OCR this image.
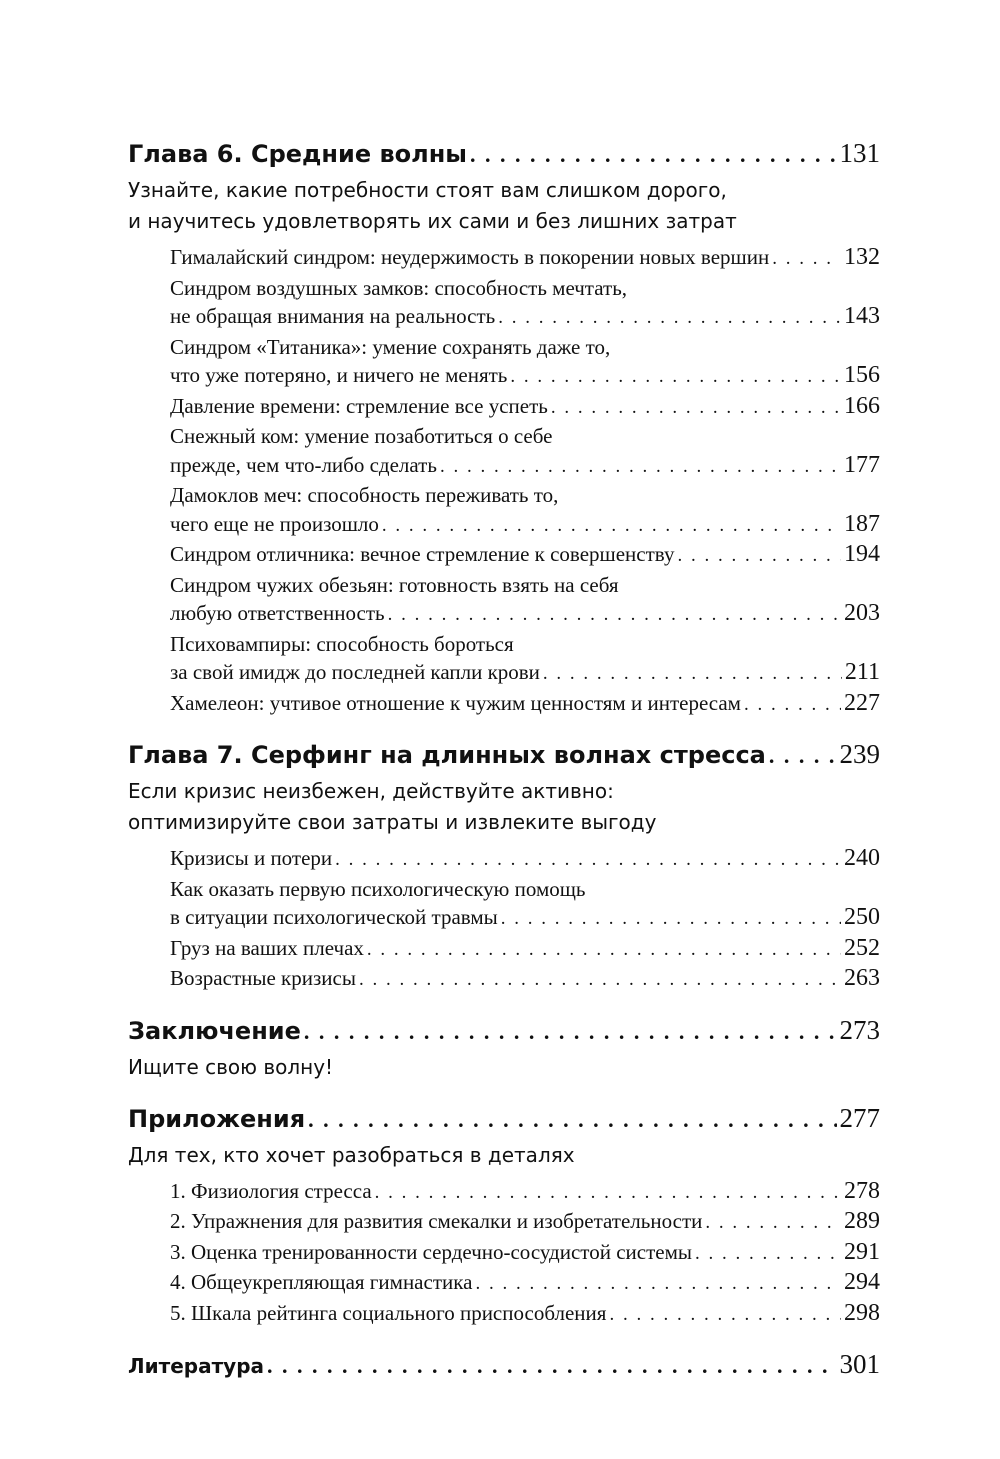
Глава 6. Средние волны . . .	131
Узнайте, какие потребности стоят вам слишком дорого,
и научитесь удовлетворять их сами и без лишних затрат
Гималайский синдром: неудержимость в покорении новых вершин . . .	132
Синдром воздушных замков: способность мечтать,
не обращая внимания на реальность . . .	143
Синдром «Титаника»: умение сохранять даже то,
что уже потеряно, и ничего не менять . . .	156
Давление времени: стремление все успеть . . .	166
Снежный ком: умение позаботиться о себе
прежде, чем что-либо сделать . . .	177
Дамоклов меч: способность переживать то,
чего еще не произошло . . .	187
Синдром отличника: вечное стремление к совершенству . . .	194
Синдром чужих обезьян: готовность взять на себя
любую ответственность . . .	203
Психовампиры: способность бороться
за свой имидж до последней капли крови . . .	211
Хамелеон: учтивое отношение к чужим ценностям и интересам . . .	227
Глава 7. Серфинг на длинных волнах стресса . . .	239
Если кризис неизбежен, действуйте активно:
оптимизируйте свои затраты и извлеките выгоду
Кризисы и потери . . .	240
Как оказать первую психологическую помощь
в ситуации психологической травмы . . .	250
Груз на ваших плечах . . .	252
Возрастные кризисы . . .	263
Заключение . . .	273
Ищите свою волну!
Приложения . . .	277
Для тех, кто хочет разобраться в деталях
1. Физиология стресса . . .	278
2. Упражнения для развития смекалки и изобретательности . . .	289
3. Оценка тренированности сердечно-сосудистой системы . . .	291
4. Общеукрепляющая гимнастика . . .	294
5. Шкала рейтинга социального приспособления . . .	298
Литература . . .	301
